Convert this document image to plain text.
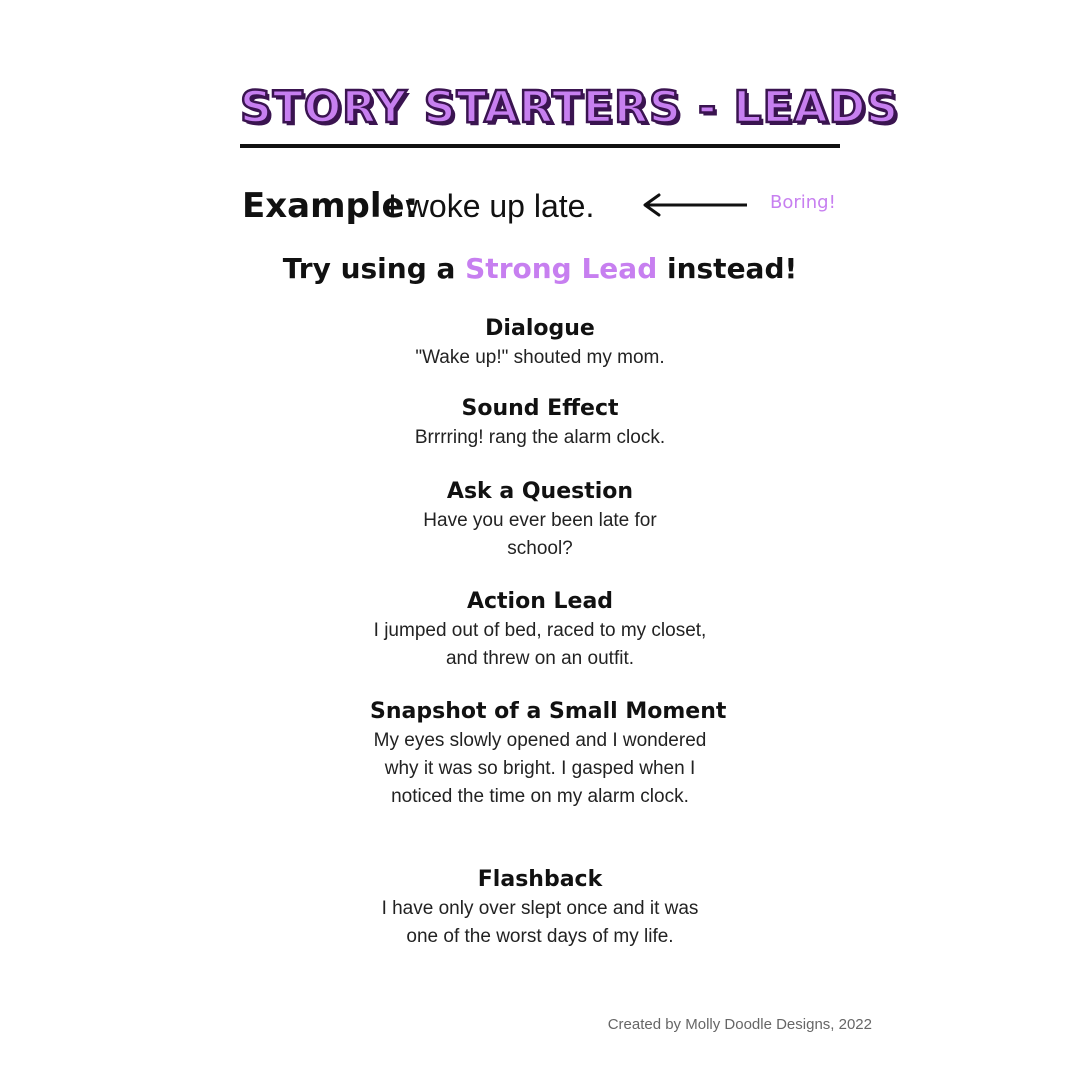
STORY STARTERS - LEADS
Example:
I woke up late.	Boring!
Try using a Strong Lead instead!
Dialogue
"Wake up!" shouted my mom.
Sound Effect
Brrrring! rang the alarm clock.
Ask a Question
Have you ever been late for school?
Action Lead
I jumped out of bed, raced to my closet, and threw on an outfit.
Snapshot of a Small Moment
My eyes slowly opened and I wondered why it was so bright. I gasped when I noticed the time on my alarm clock.
Flashback
I have only over slept once and it was one of the worst days of my life.
Created by Molly Doodle Designs, 2022
